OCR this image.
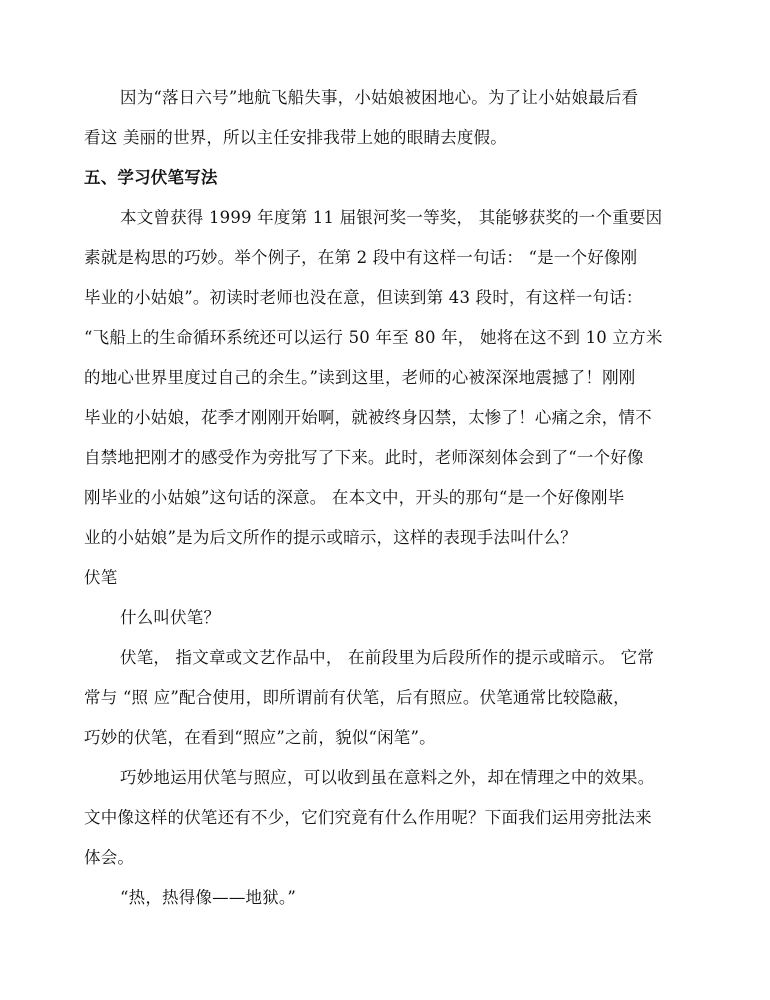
因为“落日六号”地航飞船失事，小姑娘被困地心。为了让小姑娘最后看
看这 美丽的世界，所以主任安排我带上她的眼睛去度假。
五、学习伏笔写法
本文曾获得 1999 年度第 11 届银河奖一等奖， 其能够获奖的一个重要因
素就是构思的巧妙。举个例子，在第 2 段中有这样一句话： “是一个好像刚
毕业的小姑娘”。初读时老师也没在意，但读到第 43 段时，有这样一句话：
“飞船上的生命循环系统还可以运行 50 年至 80 年， 她将在这不到 10 立方米
的地心世界里度过自己的余生。”读到这里，老师的心被深深地震撼了！刚刚
毕业的小姑娘，花季才刚刚开始啊，就被终身囚禁，太惨了！心痛之余，情不
自禁地把刚才的感受作为旁批写了下来。此时，老师深刻体会到了“一个好像
刚毕业的小姑娘”这句话的深意。 在本文中，开头的那句“是一个好像刚毕
业的小姑娘”是为后文所作的提示或暗示，这样的表现手法叫什么？
伏笔
什么叫伏笔？
伏笔， 指文章或文艺作品中， 在前段里为后段所作的提示或暗示。 它常
常与 “照 应”配合使用，即所谓前有伏笔，后有照应。伏笔通常比较隐蔽，
巧妙的伏笔，在看到“照应”之前，貌似“闲笔”。
巧妙地运用伏笔与照应，可以收到虽在意料之外，却在情理之中的效果。
文中像这样的伏笔还有不少，它们究竟有什么作用呢？下面我们运用旁批法来
体会。
“热，热得像——地狱。”
